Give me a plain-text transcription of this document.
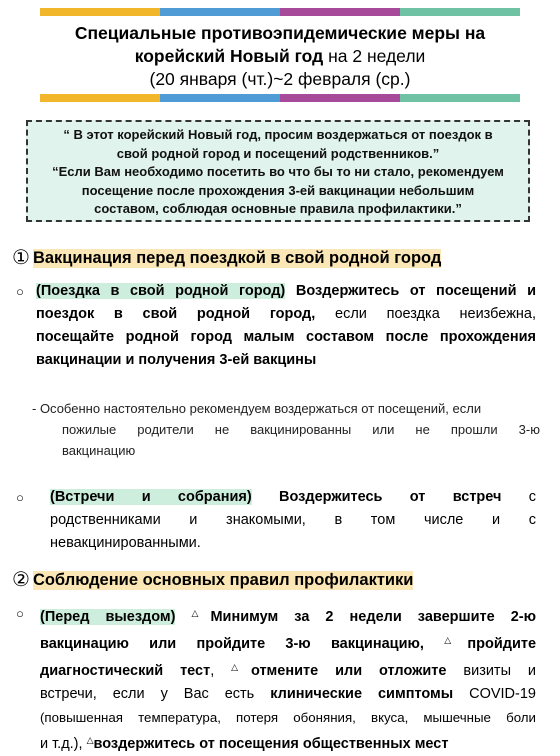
Специальные противоэпидемические меры на
корейский Новый год на 2 недели
(20 января (чт.)~2 февраля (ср.)
“ В этот корейский Новый год, просим воздержаться от поездок в
свой родной город и посещений родственников.”
“Если Вам необходимо посетить во что бы то ни стало, рекомендуем
посещение после прохождения 3-ей вакцинации небольшим
составом, соблюдая основные правила профилактики.”
① Вакцинация перед поездкой в свой родной город
○ (Поездка в свой родной город) Воздержитесь от посещений и
поездок в свой родной город, если поездка неизбежна,
посещайте родной город малым составом после прохождения
вакцинации и получения 3-ей вакцины
- Особенно настоятельно рекомендуем воздержаться от посещений, если
пожилые родители не вакцинированны или не прошли 3-ю
вакцинацию
○ (Встречи и собрания) Воздержитесь от встреч с
родственниками и знакомыми, в том числе и с
невакцинированными.
② Соблюдение основных правил профилактики
○ (Перед выездом) △Минимум за 2 недели завершите 2-ю
вакцинацию или пройдите 3-ю вакцинацию, △пройдите
диагностический тест, △отмените или отложите визиты и
встречи, если у Вас есть клинические симптомы COVID-19
(повышенная температура, потеря обоняния, вкуса, мышечные боли
и т.д.), △воздержитесь от посещения общественных мест
